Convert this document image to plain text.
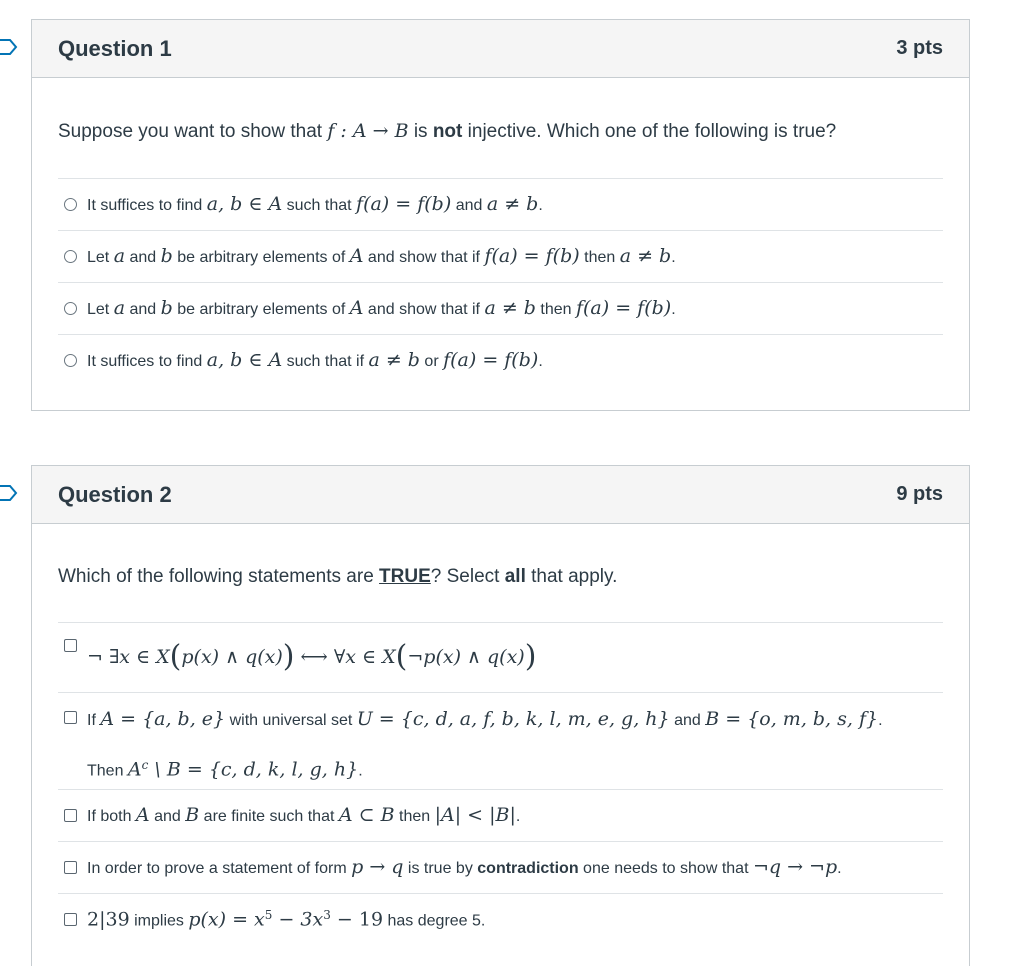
Question 1	3 pts

Suppose you want to show that f : A → B is not injective. Which one of the following is true?

It suffices to find a, b ∈ A such that f(a) = f(b) and a ≠ b.
Let a and b be arbitrary elements of A and show that if f(a) = f(b) then a ≠ b.
Let a and b be arbitrary elements of A and show that if a ≠ b then f(a) = f(b).
It suffices to find a, b ∈ A such that if a ≠ b or f(a) = f(b).
Question 2	9 pts

Which of the following statements are TRUE? Select all that apply.

¬ ∃x ∈ X(p(x) ∧ q(x)) ⟷ ∀x ∈ X(¬p(x) ∧ q(x))
If A = {a, b, e} with universal set U = {c, d, a, f, b, k, l, m, e, g, h} and B = {o, m, b, s, f}.
Then $A^c$ \ B = {c, d, k, l, g, h}.
If both A and B are finite such that A ⊂ B then |A| < |B|.
In order to prove a statement of form p → q is true by contradiction one needs to show that ¬q → ¬p.
2|39 implies $p(x) = x^5 - 3x^3 - 19$ has degree 5.
